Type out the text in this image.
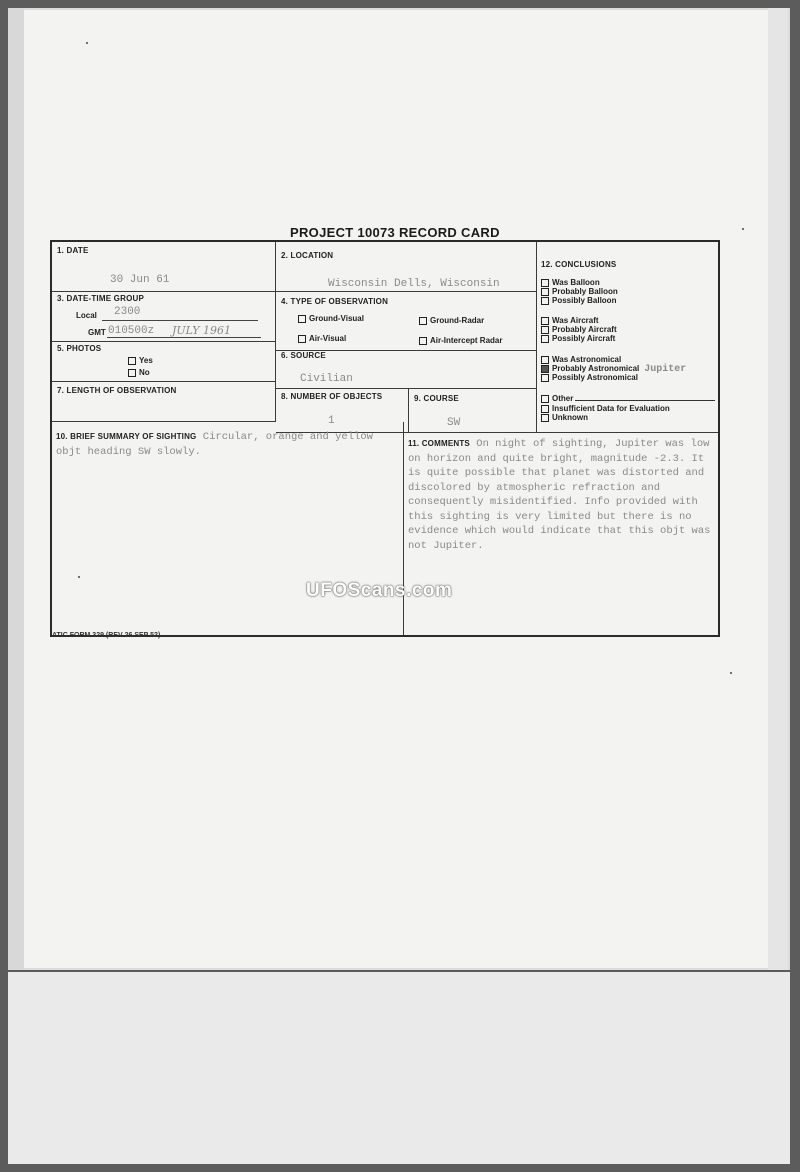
PROJECT 10073 RECORD CARD
1. DATE
30 Jun 61
2. LOCATION
Wisconsin Dells, Wisconsin
12. CONCLUSIONS
Was Balloon
Probably Balloon
Possibly Balloon
Was Aircraft
Probably Aircraft
Possibly Aircraft
Was Astronomical
Probably Astronomical Jupiter
Possibly Astronomical
Other
Insufficient Data for Evaluation
Unknown
3. DATE-TIME GROUP
Local 2300
GMT 010500z JULY 1961
4. TYPE OF OBSERVATION
Ground-Visual	Ground-Radar
Air-Visual	Air-Intercept Radar
5. PHOTOS
Yes
No
6. SOURCE
Civilian
7. LENGTH OF OBSERVATION
8. NUMBER OF OBJECTS
1
9. COURSE
SW
10. BRIEF SUMMARY OF SIGHTING Circular, orange and yellow objt heading SW slowly.
11. COMMENTS On night of sighting, Jupiter was low on horizon and quite bright, magnitude -2.3. It is quite possible that planet was distorted and discolored by atmospheric refraction and consequently misidentified. Info provided with this sighting is very limited but there is no evidence which would indicate that this objt was not Jupiter.
ATIC FORM 329 (REV 26 SEP 52)
UFOScans.com
